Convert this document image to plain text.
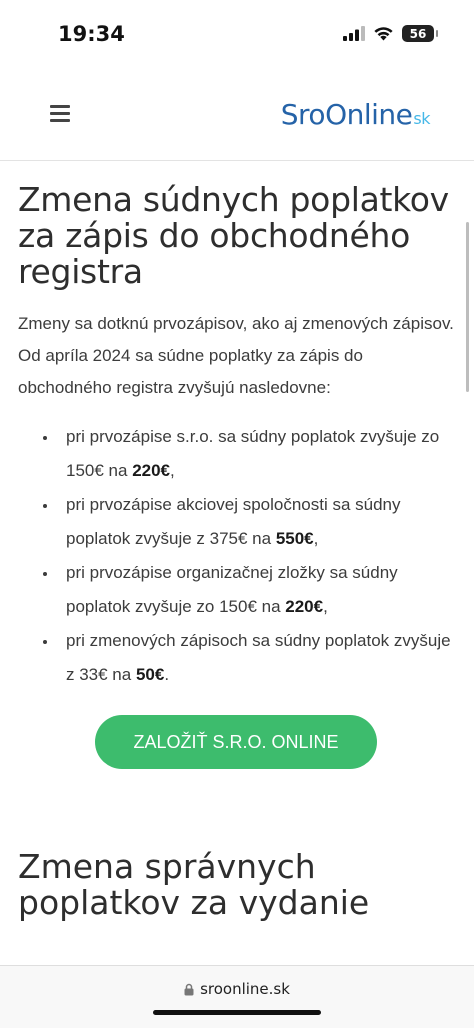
19:34	56
SroOnlinesk
Zmena súdnych poplatkov za zápis do obchodného registra

Zmeny sa dotknú prvozápisov, ako aj zmenových zápisov. Od apríla 2024 sa súdne poplatky za zápis do obchodného registra zvyšujú nasledovne:

• pri prvozápise s.r.o. sa súdny poplatok zvyšuje zo 150€ na 220€,
• pri prvozápise akciovej spoločnosti sa súdny poplatok zvyšuje z 375€ na 550€,
• pri prvozápise organizačnej zložky sa súdny poplatok zvyšuje zo 150€ na 220€,
• pri zmenových zápisoch sa súdny poplatok zvyšuje z 33€ na 50€.
ZALOŽIŤ S.R.O. ONLINE
Zmena správnych poplatkov za vydanie
sroonline.sk
